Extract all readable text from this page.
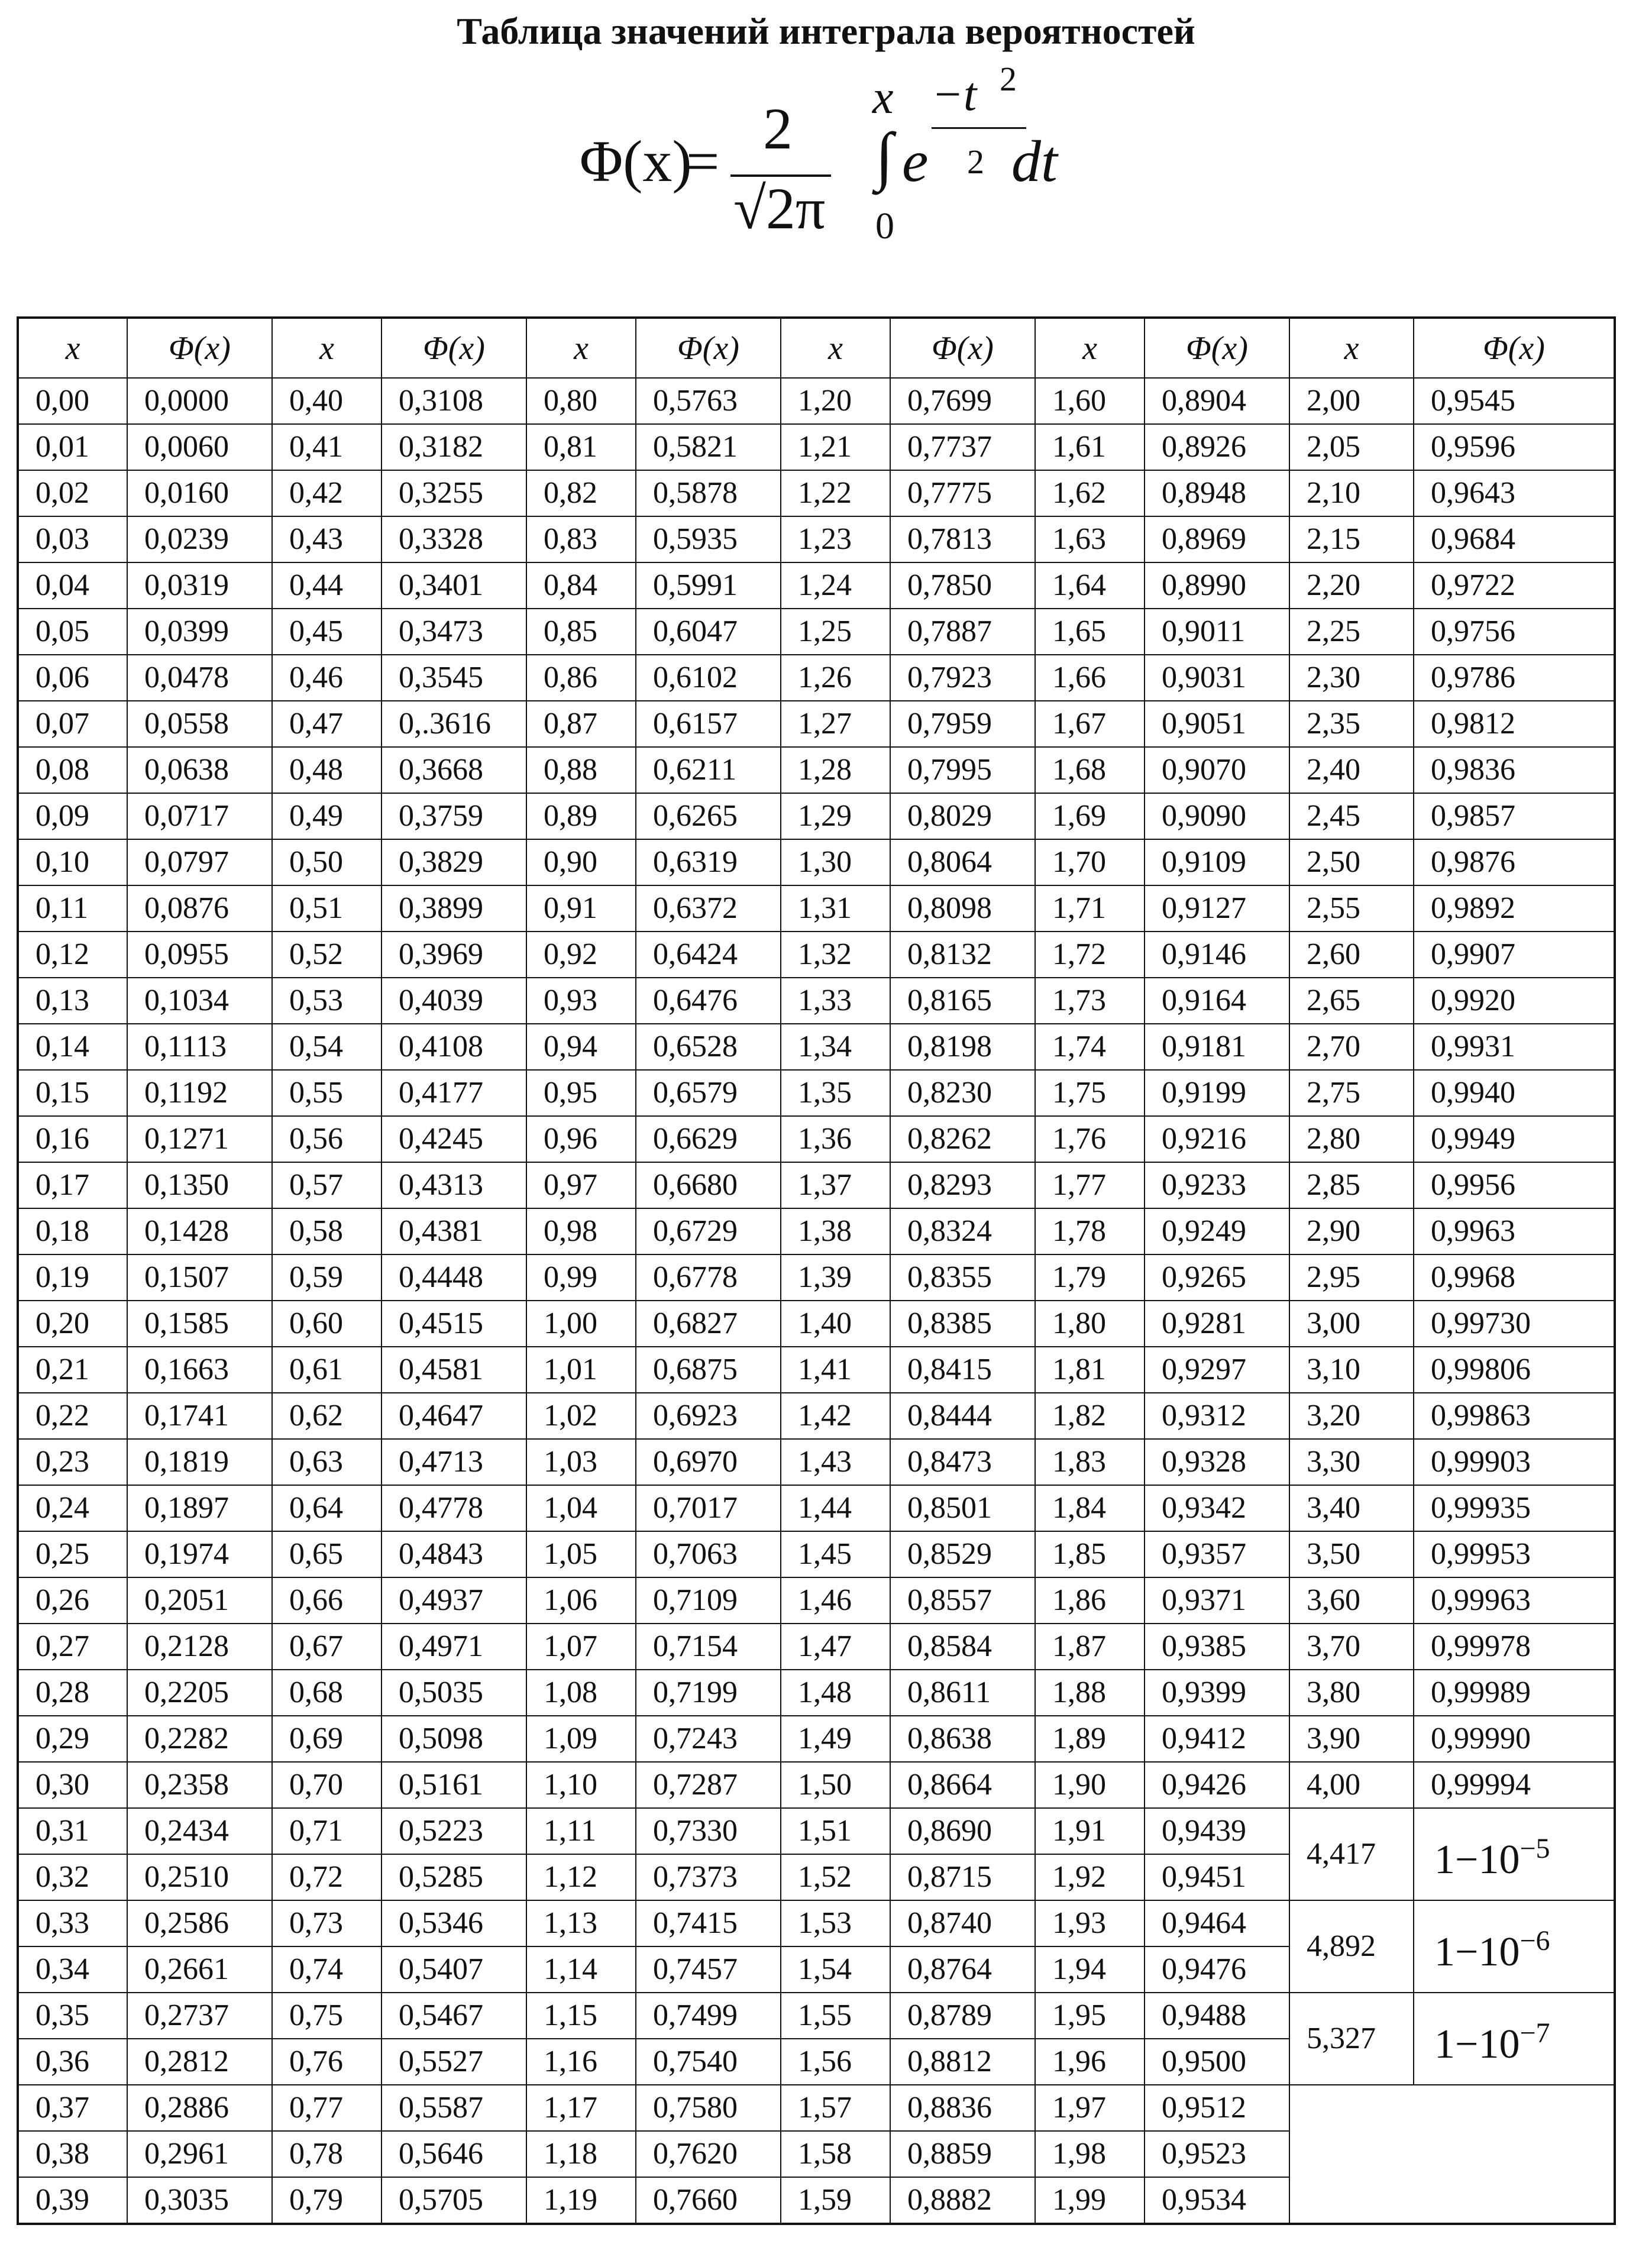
Таблица значений интеграла вероятностей
Φ(x)
= 2
√2π
x
∫
0
e
−t 2
2 dt
x	Φ(x)	x	Φ(x)	x	Φ(x)	x	Φ(x)	x	Φ(x)	x	Φ(x)
0,00	0,0000	0,40	0,3108	0,80	0,5763	1,20	0,7699	1,60	0,8904	2,00	0,9545
0,01	0,0060	0,41	0,3182	0,81	0,5821	1,21	0,7737	1,61	0,8926	2,05	0,9596
0,02	0,0160	0,42	0,3255	0,82	0,5878	1,22	0,7775	1,62	0,8948	2,10	0,9643
0,03	0,0239	0,43	0,3328	0,83	0,5935	1,23	0,7813	1,63	0,8969	2,15	0,9684
0,04	0,0319	0,44	0,3401	0,84	0,5991	1,24	0,7850	1,64	0,8990	2,20	0,9722
0,05	0,0399	0,45	0,3473	0,85	0,6047	1,25	0,7887	1,65	0,9011	2,25	0,9756
0,06	0,0478	0,46	0,3545	0,86	0,6102	1,26	0,7923	1,66	0,9031	2,30	0,9786
0,07	0,0558	0,47	0,.3616	0,87	0,6157	1,27	0,7959	1,67	0,9051	2,35	0,9812
0,08	0,0638	0,48	0,3668	0,88	0,6211	1,28	0,7995	1,68	0,9070	2,40	0,9836
0,09	0,0717	0,49	0,3759	0,89	0,6265	1,29	0,8029	1,69	0,9090	2,45	0,9857
0,10	0,0797	0,50	0,3829	0,90	0,6319	1,30	0,8064	1,70	0,9109	2,50	0,9876
0,11	0,0876	0,51	0,3899	0,91	0,6372	1,31	0,8098	1,71	0,9127	2,55	0,9892
0,12	0,0955	0,52	0,3969	0,92	0,6424	1,32	0,8132	1,72	0,9146	2,60	0,9907
0,13	0,1034	0,53	0,4039	0,93	0,6476	1,33	0,8165	1,73	0,9164	2,65	0,9920
0,14	0,1113	0,54	0,4108	0,94	0,6528	1,34	0,8198	1,74	0,9181	2,70	0,9931
0,15	0,1192	0,55	0,4177	0,95	0,6579	1,35	0,8230	1,75	0,9199	2,75	0,9940
0,16	0,1271	0,56	0,4245	0,96	0,6629	1,36	0,8262	1,76	0,9216	2,80	0,9949
0,17	0,1350	0,57	0,4313	0,97	0,6680	1,37	0,8293	1,77	0,9233	2,85	0,9956
0,18	0,1428	0,58	0,4381	0,98	0,6729	1,38	0,8324	1,78	0,9249	2,90	0,9963
0,19	0,1507	0,59	0,4448	0,99	0,6778	1,39	0,8355	1,79	0,9265	2,95	0,9968
0,20	0,1585	0,60	0,4515	1,00	0,6827	1,40	0,8385	1,80	0,9281	3,00	0,99730
0,21	0,1663	0,61	0,4581	1,01	0,6875	1,41	0,8415	1,81	0,9297	3,10	0,99806
0,22	0,1741	0,62	0,4647	1,02	0,6923	1,42	0,8444	1,82	0,9312	3,20	0,99863
0,23	0,1819	0,63	0,4713	1,03	0,6970	1,43	0,8473	1,83	0,9328	3,30	0,99903
0,24	0,1897	0,64	0,4778	1,04	0,7017	1,44	0,8501	1,84	0,9342	3,40	0,99935
0,25	0,1974	0,65	0,4843	1,05	0,7063	1,45	0,8529	1,85	0,9357	3,50	0,99953
0,26	0,2051	0,66	0,4937	1,06	0,7109	1,46	0,8557	1,86	0,9371	3,60	0,99963
0,27	0,2128	0,67	0,4971	1,07	0,7154	1,47	0,8584	1,87	0,9385	3,70	0,99978
0,28	0,2205	0,68	0,5035	1,08	0,7199	1,48	0,8611	1,88	0,9399	3,80	0,99989
0,29	0,2282	0,69	0,5098	1,09	0,7243	1,49	0,8638	1,89	0,9412	3,90	0,99990
0,30	0,2358	0,70	0,5161	1,10	0,7287	1,50	0,8664	1,90	0,9426	4,00	0,99994
0,31	0,2434	0,71	0,5223	1,11	0,7330	1,51	0,8690	1,91	0,9439	4,417	$1-10^{-5}$
0,32	0,2510	0,72	0,5285	1,12	0,7373	1,52	0,8715	1,92	0,9451		
0,33	0,2586	0,73	0,5346	1,13	0,7415	1,53	0,8740	1,93	0,9464	4,892	$1-10^{-6}$
0,34	0,2661	0,74	0,5407	1,14	0,7457	1,54	0,8764	1,94	0,9476		
0,35	0,2737	0,75	0,5467	1,15	0,7499	1,55	0,8789	1,95	0,9488	5,327	$1-10^{-7}$
0,36	0,2812	0,76	0,5527	1,16	0,7540	1,56	0,8812	1,96	0,9500		
0,37	0,2886	0,77	0,5587	1,17	0,7580	1,57	0,8836	1,97	0,9512		
0,38	0,2961	0,78	0,5646	1,18	0,7620	1,58	0,8859	1,98	0,9523		
0,39	0,3035	0,79	0,5705	1,19	0,7660	1,59	0,8882	1,99	0,9534		
